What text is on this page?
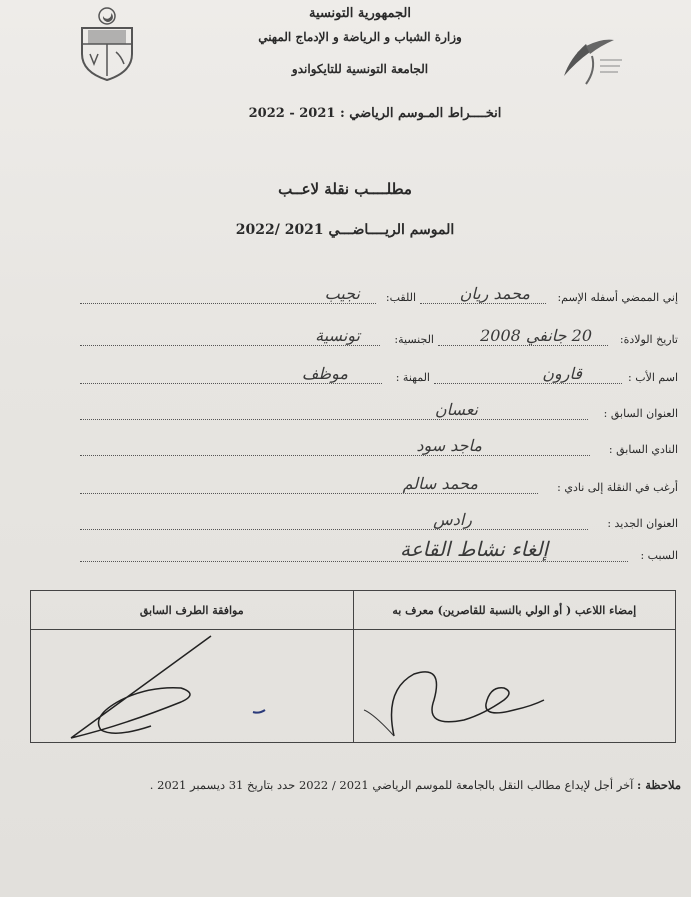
الجمهورية التونسية
وزارة الشباب و الرياضة و الإدماج المهني
الجامعة التونسية للتايكواندو
انخــــراط المـوسم الرياضي : 2021 - 2022
مطلــــب نقلة لاعــب
الموسم الريــــاضـــي 2021 /2022
إني الممضي أسفله الإسم:
محمد ريان
اللقب:
نجيب
تاريخ الولادة:
20 جانفي 2008
الجنسية:
تونسية
اسم الأب :
قارون
المهنة :
موظف
العنوان السابق :
نعسان
النادي السابق :
ماجد سود
أرغب في النقلة إلى نادي :
محمد سالم
العنوان الجديد :
رادس
السبب :
إلغاء نشاط القاعة
موافقة الطرف السابق	إمضاء اللاعب ( أو الولي بالنسبة للقاصرين) معرف به

ملاحظة : آخر أجل لإيداع مطالب النقل بالجامعة للموسم الرياضي 2021 / 2022 حدد بتاريخ 31 ديسمبر 2021 .
